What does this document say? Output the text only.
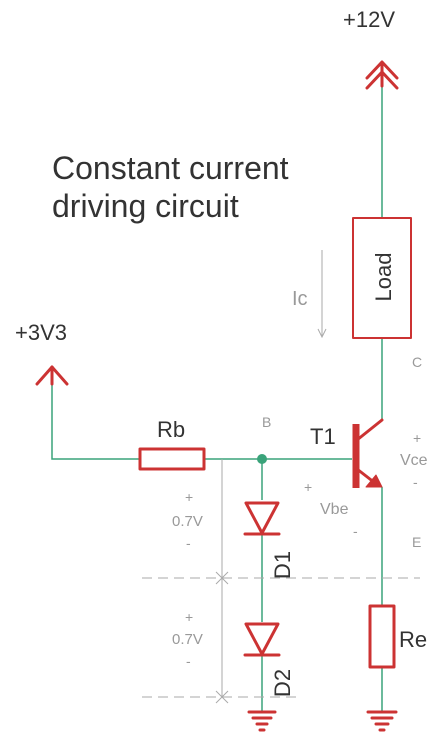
Constant current
driving circuit
+12V
+3V3
Load
Rb
Re
T1
D1
D2
Ic
B
C
E
+
Vce
-
+
Vbe
-
+
0.7V
-
+
0.7V
-
